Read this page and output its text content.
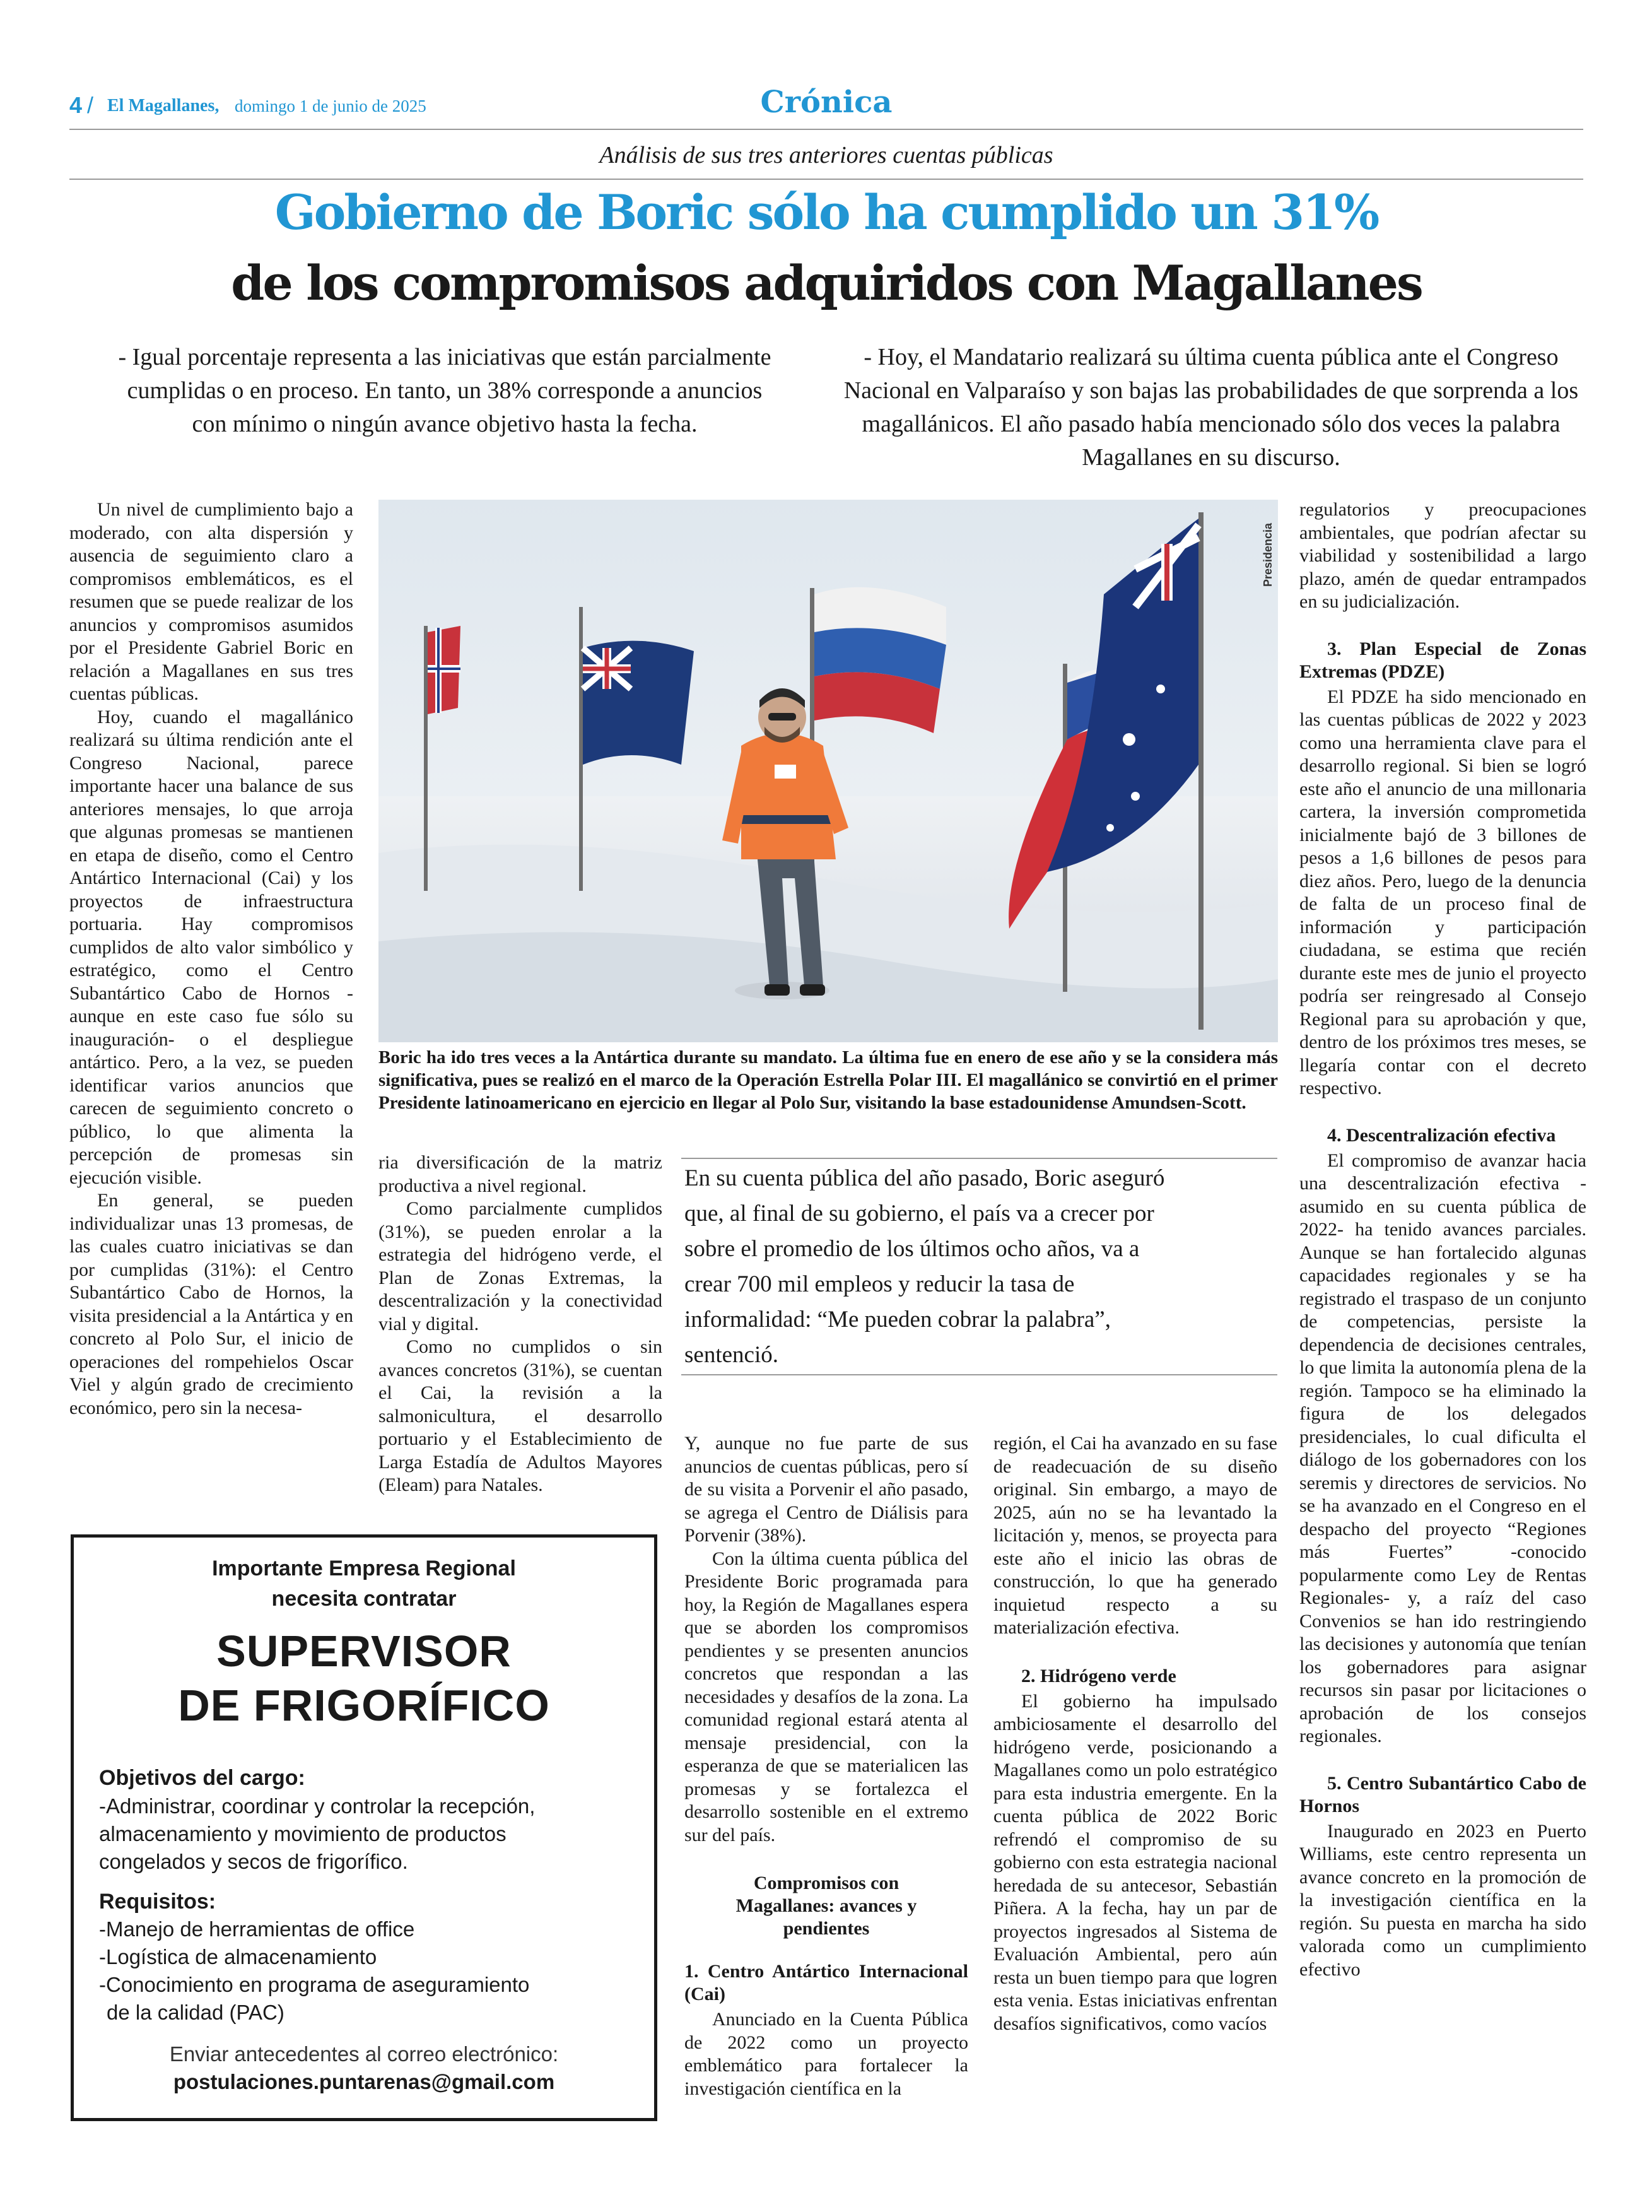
4 / El Magallanes, domingo 1 de junio de 2025	Crónica
Análisis de sus tres anteriores cuentas públicas
Gobierno de Boric sólo ha cumplido un 31%
de los compromisos adquiridos con Magallanes
- Igual porcentaje representa a las iniciativas que están parcialmente cumplidas o en proceso. En tanto, un 38% corresponde a anuncios con mínimo o ningún avance objetivo hasta la fecha.
- Hoy, el Mandatario realizará su última cuenta pública ante el Congreso Nacional en Valparaíso y son bajas las probabilidades de que sorprenda a los magallánicos. El año pasado había mencionado sólo dos veces la palabra Magallanes en su discurso.
Presidencia
Boric ha ido tres veces a la Antártica durante su mandato. La última fue en enero de ese año y se la considera más significativa, pues se realizó en el marco de la Operación Estrella Polar III. El magallánico se convirtió en el primer Presidente latinoamericano en ejercicio en llegar al Polo Sur, visitando la base estadounidense Amundsen-Scott.

Un nivel de cumplimiento bajo a moderado, con alta dispersión y ausencia de seguimiento claro a compromisos emblemáticos, es el resumen que se puede realizar de los anuncios y compromisos asumidos por el Presidente Gabriel Boric en relación a Magallanes en sus tres cuentas públicas.

Hoy, cuando el magallánico realizará su última rendición ante el Congreso Nacional, parece importante hacer una balance de sus anteriores mensajes, lo que arroja que algunas promesas se mantienen en etapa de diseño, como el Centro Antártico Internacional (Cai) y los proyectos de infraestructura portuaria. Hay compromisos cumplidos de alto valor simbólico y estratégico, como el Centro Subantártico Cabo de Hornos -aunque en este caso fue sólo su inauguración- o el despliegue antártico. Pero, a la vez, se pueden identificar varios anuncios que carecen de seguimiento concreto o público, lo que alimenta la percepción de promesas sin ejecución visible.

En general, se pueden individualizar unas 13 promesas, de las cuales cuatro iniciativas se dan por cumplidas (31%): el Centro Subantártico Cabo de Hornos, la visita presidencial a la Antártica y en concreto al Polo Sur, el inicio de operaciones del rompehielos Oscar Viel y algún grado de crecimiento económico, pero sin la necesa-

ria diversificación de la matriz productiva a nivel regional.

Como parcialmente cumplidos (31%), se pueden enrolar a la estrategia del hidrógeno verde, el Plan de Zonas Extremas, la descentralización y la conectividad vial y digital.

Como no cumplidos o sin avances concretos (31%), se cuentan el Cai, la revisión a la salmonicultura, el desarrollo portuario y el Establecimiento de Larga Estadía de Adultos Mayores (Eleam) para Natales.

En su cuenta pública del año pasado, Boric aseguró que, al final de su gobierno, el país va a crecer por sobre el promedio de los últimos ocho años, va a crear 700 mil empleos y reducir la tasa de informalidad: “Me pueden cobrar la palabra”, sentenció.

Y, aunque no fue parte de sus anuncios de cuentas públicas, pero sí de su visita a Porvenir el año pasado, se agrega el Centro de Diálisis para Porvenir (38%).

Con la última cuenta pública del Presidente Boric programada para hoy, la Región de Magallanes espera que se aborden los compromisos pendientes y se presenten anuncios concretos que respondan a las necesidades y desafíos de la zona. La comunidad regional estará atenta al mensaje presidencial, con la esperanza de que se materialicen las promesas y se fortalezca el desarrollo sostenible en el extremo sur del país.

Compromisos con Magallanes: avances y pendientes
1. Centro Antártico Internacional (Cai)

Anunciado en la Cuenta Pública de 2022 como un proyecto emblemático para fortalecer la investigación científica en la

región, el Cai ha avanzado en su fase de readecuación de su diseño original. Sin embargo, a mayo de 2025, aún no se ha levantado la licitación y, menos, se proyecta para este año el inicio las obras de construcción, lo que ha generado inquietud respecto a su materialización efectiva.

2. Hidrógeno verde

El gobierno ha impulsado ambiciosamente el desarrollo del hidrógeno verde, posicionando a Magallanes como un polo estratégico para esta industria emergente. En la cuenta pública de 2022 Boric refrendó el compromiso de su gobierno con esta estrategia nacional heredada de su antecesor, Sebastián Piñera. A la fecha, hay un par de proyectos ingresados al Sistema de Evaluación Ambiental, pero aún resta un buen tiempo para que logren esta venia. Estas iniciativas enfrentan desafíos significativos, como vacíos

regulatorios y preocupaciones ambientales, que podrían afectar su viabilidad y sostenibilidad a largo plazo, amén de quedar entrampados en su judicialización.

3. Plan Especial de Zonas Extremas (PDZE)

El PDZE ha sido mencionado en las cuentas públicas de 2022 y 2023 como una herramienta clave para el desarrollo regional. Si bien se logró este año el anuncio de una millonaria cartera, la inversión comprometida inicialmente bajó de 3 billones de pesos a 1,6 billones de pesos para diez años. Pero, luego de la denuncia de falta de un proceso final de información y participación ciudadana, se estima que recién durante este mes de junio el proyecto podría ser reingresado al Consejo Regional para su aprobación y que, dentro de los próximos tres meses, se llegaría contar con el decreto respectivo.

4. Descentralización efectiva

El compromiso de avanzar hacia una descentralización efectiva -asumido en su cuenta pública de 2022- ha tenido avances parciales. Aunque se han fortalecido algunas capacidades regionales y se ha registrado el traspaso de un conjunto de competencias, persiste la dependencia de decisiones centrales, lo que limita la autonomía plena de la región. Tampoco se ha eliminado la figura de los delegados presidenciales, lo cual dificulta el diálogo de los gobernadores con los seremis y directores de servicios. No se ha avanzado en el Congreso en el despacho del proyecto “Regiones más Fuertes” -conocido popularmente como Ley de Rentas Regionales- y, a raíz del caso Convenios se han ido restringiendo las decisiones y autonomía que tenían los gobernadores para asignar recursos sin pasar por licitaciones o aprobación de los consejos regionales.

5. Centro Subantártico Cabo de Hornos

Inaugurado en 2023 en Puerto Williams, este centro representa un avance concreto en la promoción de la investigación científica en la región. Su puesta en marcha ha sido valorada como un cumplimiento efectivo

Importante Empresa Regional
necesita contratar
SUPERVISOR
DE FRIGORÍFICO
Objetivos del cargo:
-Administrar, coordinar y controlar la recepción, almacenamiento y movimiento de productos congelados y secos de frigorífico.
Requisitos:
-Manejo de herramientas de office
-Logística de almacenamiento
-Conocimiento en programa de aseguramiento
de la calidad (PAC)
Enviar antecedentes al correo electrónico:
postulaciones.puntarenas@gmail.com
